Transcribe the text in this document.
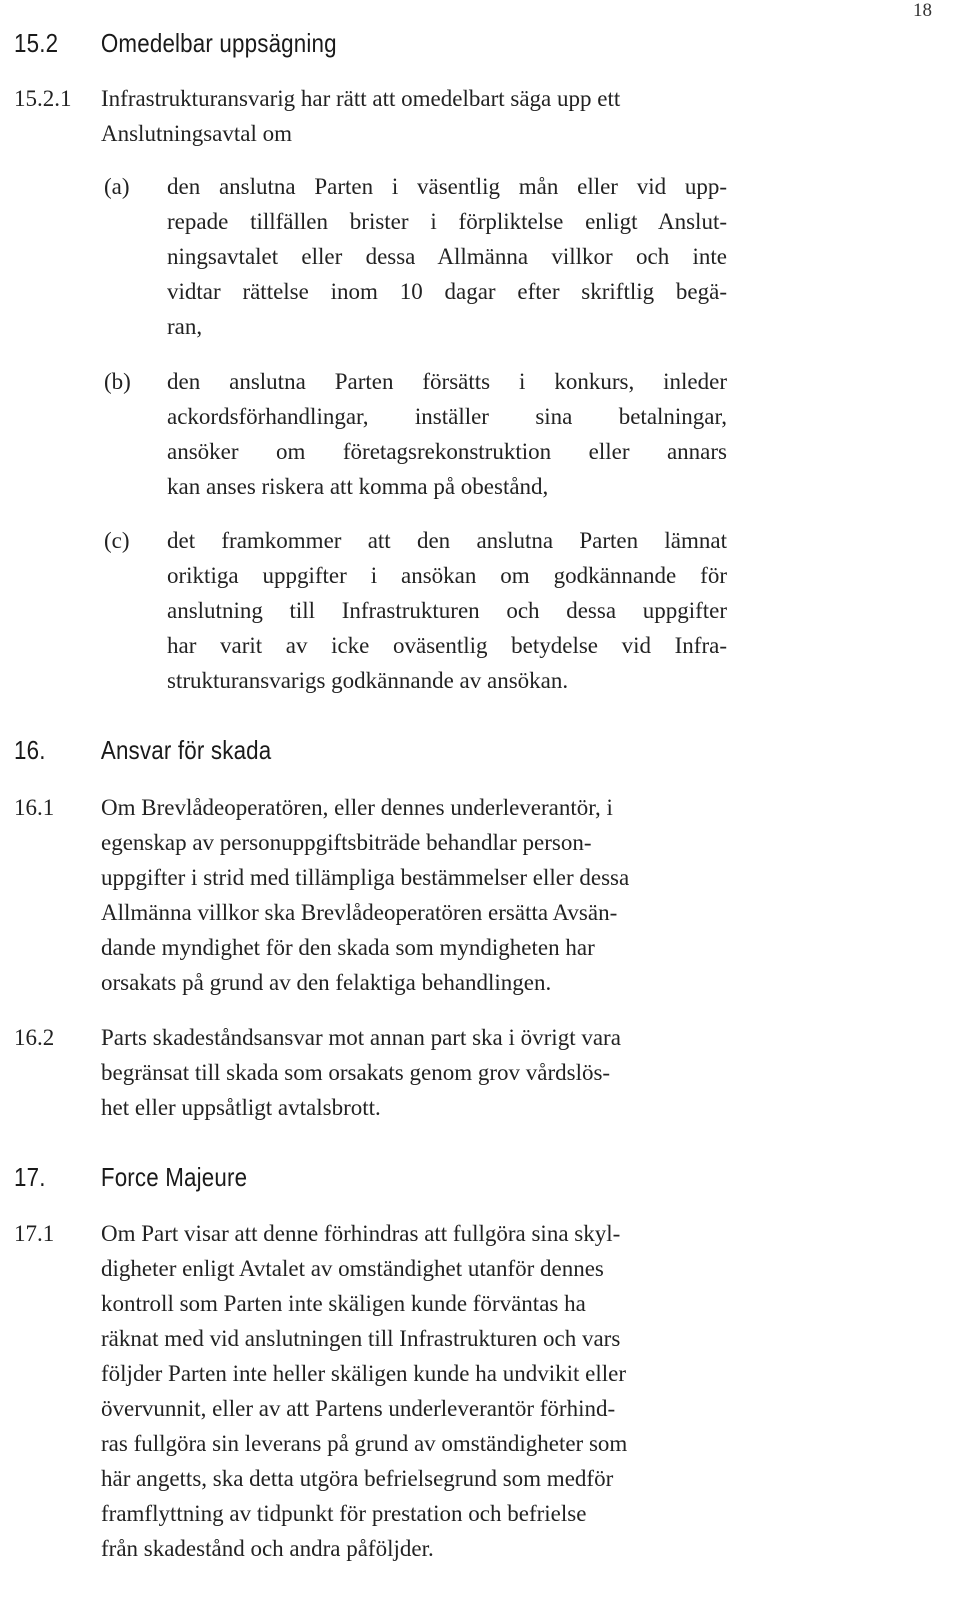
18
15.2 Omedelbar uppsägning
15.2.1 Infrastrukturansvarig har rätt att omedelbart säga upp ett
Anslutningsavtal om
(a) den anslutna Parten i väsentlig mån eller vid upp-
repade tillfällen brister i förpliktelse enligt Anslut-
ningsavtalet eller dessa Allmänna villkor och inte
vidtar rättelse inom 10 dagar efter skriftlig begä-
ran,
(b) den anslutna Parten försätts i konkurs, inleder
ackordsförhandlingar, inställer sina betalningar,
ansöker om företagsrekonstruktion eller annars
kan anses riskera att komma på obestånd,
(c) det framkommer att den anslutna Parten lämnat
oriktiga uppgifter i ansökan om godkännande för
anslutning till Infrastrukturen och dessa uppgifter
har varit av icke oväsentlig betydelse vid Infra-
strukturansvarigs godkännande av ansökan.
16. Ansvar för skada
16.1 Om Brevlådeoperatören, eller dennes underleverantör, i
egenskap av personuppgiftsbiträde behandlar person-
uppgifter i strid med tillämpliga bestämmelser eller dessa
Allmänna villkor ska Brevlådeoperatören ersätta Avsän-
dande myndighet för den skada som myndigheten har
orsakats på grund av den felaktiga behandlingen.
16.2 Parts skadeståndsansvar mot annan part ska i övrigt vara
begränsat till skada som orsakats genom grov vårdslös-
het eller uppsåtligt avtalsbrott.
17. Force Majeure
17.1 Om Part visar att denne förhindras att fullgöra sina skyl-
digheter enligt Avtalet av omständighet utanför dennes
kontroll som Parten inte skäligen kunde förväntas ha
räknat med vid anslutningen till Infrastrukturen och vars
följder Parten inte heller skäligen kunde ha undvikit eller
övervunnit, eller av att Partens underleverantör förhind-
ras fullgöra sin leverans på grund av omständigheter som
här angetts, ska detta utgöra befrielsegrund som medför
framflyttning av tidpunkt för prestation och befrielse
från skadestånd och andra påföljder.
